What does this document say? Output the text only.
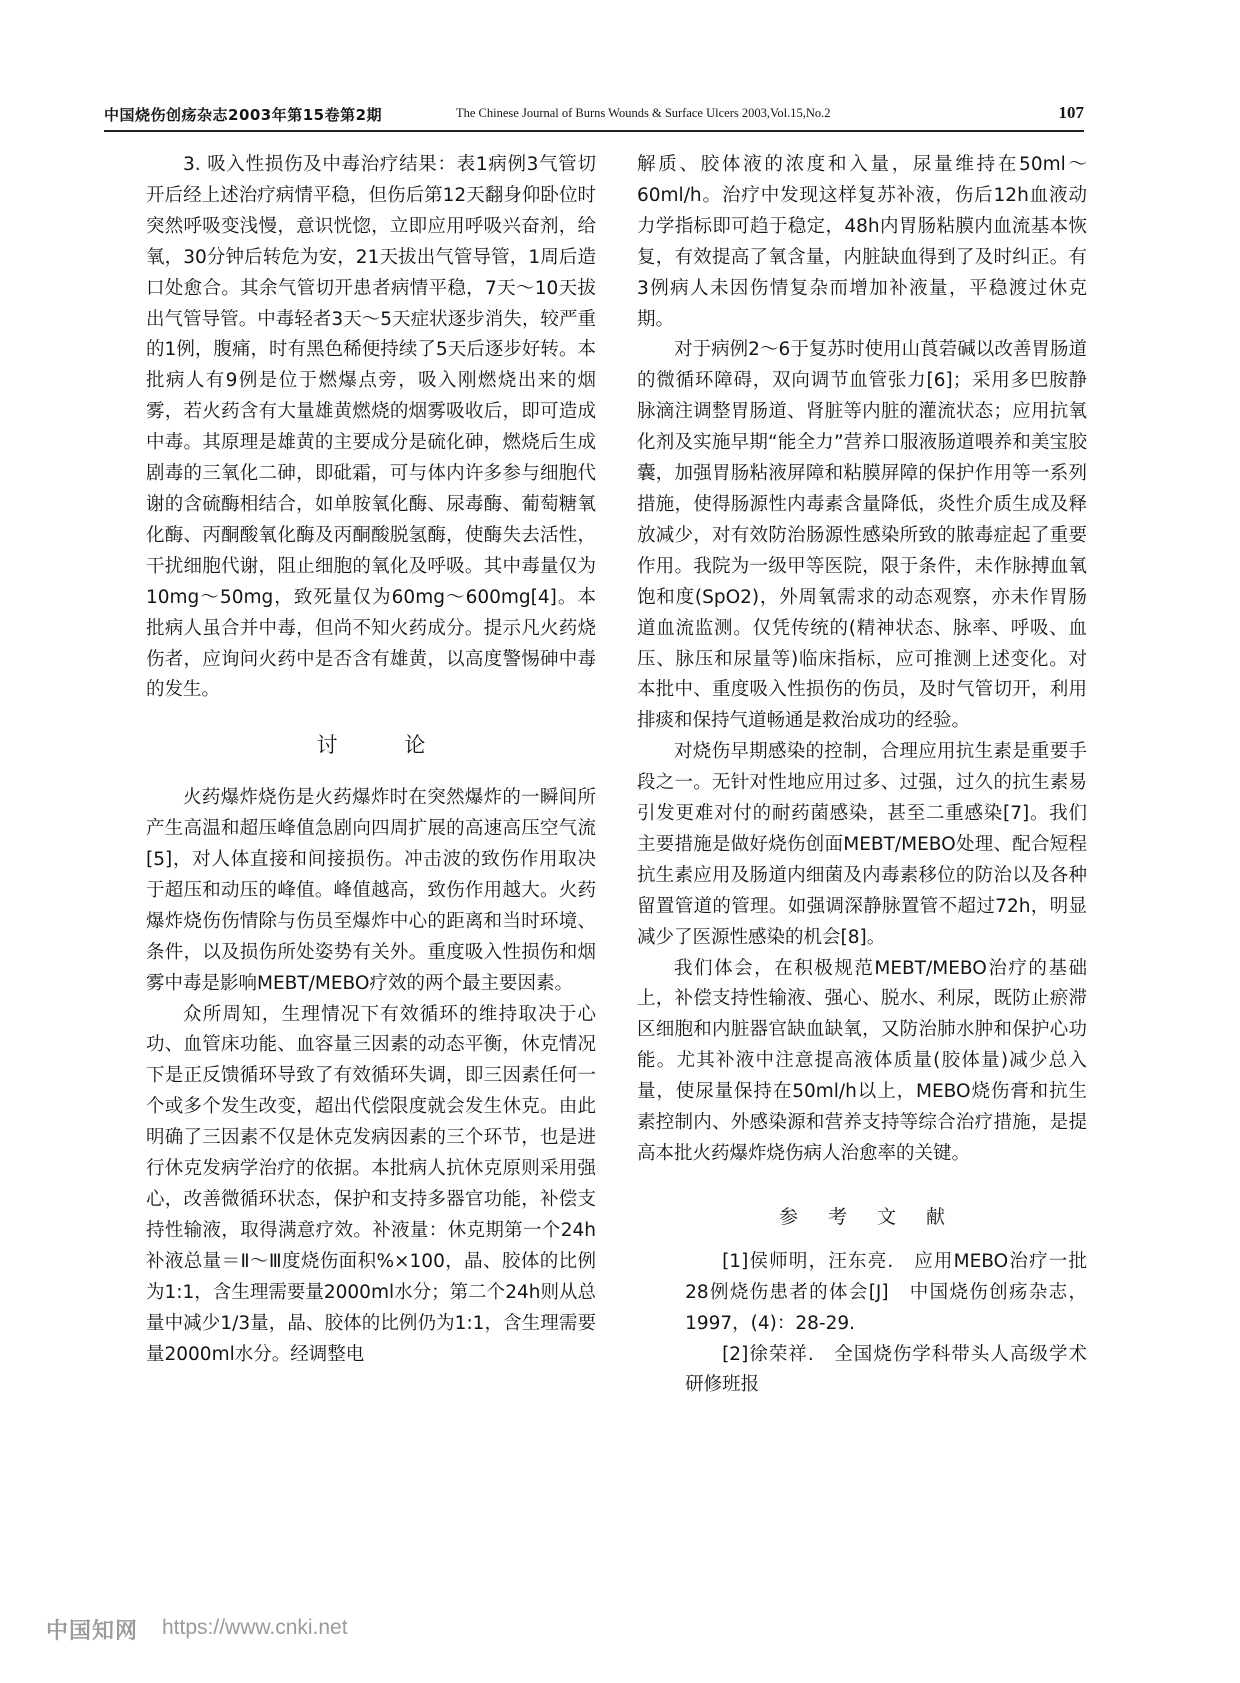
中国烧伤创疡杂志2003年第15卷第2期	The Chinese Journal of Burns Wounds & Surface Ulcers 2003,Vol.15,No.2	107

3. 吸入性损伤及中毒治疗结果：表1病例3气管切开后经上述治疗病情平稳，但伤后第12天翻身仰卧位时突然呼吸变浅慢，意识恍惚，立即应用呼吸兴奋剂，给氧，30分钟后转危为安，21天拔出气管导管，1周后造口处愈合。其余气管切开患者病情平稳，7天～10天拔出气管导管。中毒轻者3天～5天症状逐步消失，较严重的1例，腹痛，时有黑色稀便持续了5天后逐步好转。本批病人有9例是位于燃爆点旁，吸入刚燃烧出来的烟雾，若火药含有大量雄黄燃烧的烟雾吸收后，即可造成中毒。其原理是雄黄的主要成分是硫化砷，燃烧后生成剧毒的三氧化二砷，即砒霜，可与体内许多参与细胞代谢的含硫酶相结合，如单胺氧化酶、尿毒酶、葡萄糖氧化酶、丙酮酸氧化酶及丙酮酸脱氢酶，使酶失去活性，干扰细胞代谢，阻止细胞的氧化及呼吸。其中毒量仅为10mg～50mg，致死量仅为60mg～600mg[4]。本批病人虽合并中毒，但尚不知火药成分。提示凡火药烧伤者，应询问火药中是否含有雄黄，以高度警惕砷中毒的发生。

讨 论

火药爆炸烧伤是火药爆炸时在突然爆炸的一瞬间所产生高温和超压峰值急剧向四周扩展的高速高压空气流[5]，对人体直接和间接损伤。冲击波的致伤作用取决于超压和动压的峰值。峰值越高，致伤作用越大。火药爆炸烧伤伤情除与伤员至爆炸中心的距离和当时环境、条件，以及损伤所处姿势有关外。重度吸入性损伤和烟雾中毒是影响MEBT/MEBO疗效的两个最主要因素。

众所周知，生理情况下有效循环的维持取决于心功、血管床功能、血容量三因素的动态平衡，休克情况下是正反馈循环导致了有效循环失调，即三因素任何一个或多个发生改变，超出代偿限度就会发生休克。由此明确了三因素不仅是休克发病因素的三个环节，也是进行休克发病学治疗的依据。本批病人抗休克原则采用强心，改善微循环状态，保护和支持多器官功能，补偿支持性输液，取得满意疗效。补液量：休克期第一个24h补液总量＝Ⅱ～Ⅲ度烧伤面积%×100，晶、胶体的比例为1:1，含生理需要量2000ml水分；第二个24h则从总量中减少1/3量，晶、胶体的比例仍为1:1，含生理需要量2000ml水分。经调整电

解质、胶体液的浓度和入量，尿量维持在50ml～60ml/h。治疗中发现这样复苏补液，伤后12h血液动力学指标即可趋于稳定，48h内胃肠粘膜内血流基本恢复，有效提高了氧含量，内脏缺血得到了及时纠正。有3例病人未因伤情复杂而增加补液量，平稳渡过休克期。

对于病例2～6于复苏时使用山莨菪碱以改善胃肠道的微循环障碍，双向调节血管张力[6]；采用多巴胺静脉滴注调整胃肠道、肾脏等内脏的灌流状态；应用抗氧化剂及实施早期“能全力”营养口服液肠道喂养和美宝胶囊，加强胃肠粘液屏障和粘膜屏障的保护作用等一系列措施，使得肠源性内毒素含量降低，炎性介质生成及释放减少，对有效防治肠源性感染所致的脓毒症起了重要作用。我院为一级甲等医院，限于条件，未作脉搏血氧饱和度(SpO2)，外周氧需求的动态观察，亦未作胃肠道血流监测。仅凭传统的(精神状态、脉率、呼吸、血压、脉压和尿量等)临床指标，应可推测上述变化。对本批中、重度吸入性损伤的伤员，及时气管切开，利用排痰和保持气道畅通是救治成功的经验。

对烧伤早期感染的控制，合理应用抗生素是重要手段之一。无针对性地应用过多、过强，过久的抗生素易引发更难对付的耐药菌感染，甚至二重感染[7]。我们主要措施是做好烧伤创面MEBT/MEBO处理、配合短程抗生素应用及肠道内细菌及内毒素移位的防治以及各种留置管道的管理。如强调深静脉置管不超过72h，明显减少了医源性感染的机会[8]。

我们体会，在积极规范MEBT/MEBO治疗的基础上，补偿支持性输液、强心、脱水、利尿，既防止瘀滞区细胞和内脏器官缺血缺氧，又防治肺水肿和保护心功能。尤其补液中注意提高液体质量(胶体量)减少总入量，使尿量保持在50ml/h以上，MEBO烧伤膏和抗生素控制内、外感染源和营养支持等综合治疗措施，是提高本批火药爆炸烧伤病人治愈率的关键。

参 考 文 献

[1]侯师明，汪东亮.　应用MEBO治疗一批28例烧伤患者的体会[J]　中国烧伤创疡杂志，1997，(4)：28-29.

[2]徐荣祥.　全国烧伤学科带头人高级学术研修班报

中国知网 https://www.cnki.net
